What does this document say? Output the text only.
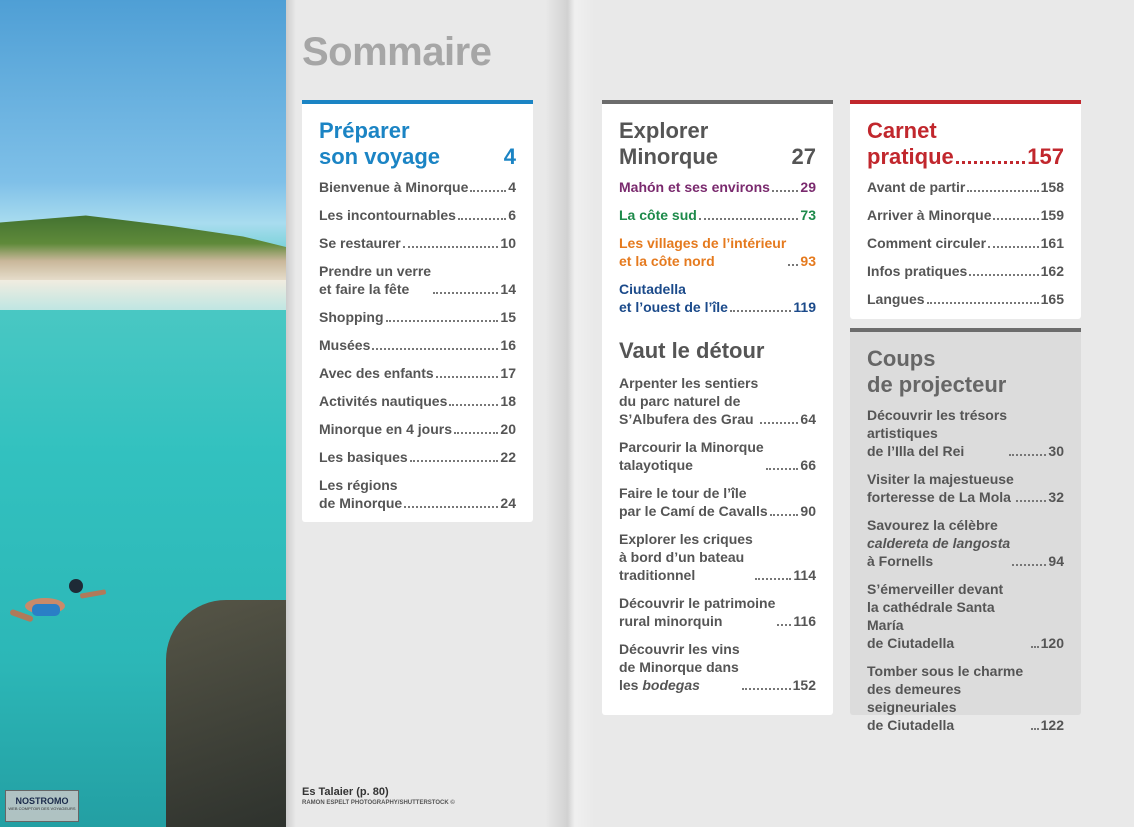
NOSTROMO
WEB COMPTOIR DES VOYAGEURS
Es Talaier (p. 80)
RAMON ESPELT PHOTOGRAPHY/SHUTTERSTOCK ©
Sommaire
Préparer
son voyage	4
Bienvenue à Minorque	4
Les incontournables	6
Se restaurer	10
Prendre un verre
et faire la fête	14
Shopping	15
Musées	16
Avec des enfants	17
Activités nautiques	18
Minorque en 4 jours	20
Les basiques	22
Les régions
de Minorque	24
Explorer
Minorque	27
Mahón et ses environs 29
La côte sud	73
Les villages de l’intérieur
et la côte nord	93
Ciutadella
et l’ouest de l’île	119
Vaut le détour
Arpenter les sentiers
du parc naturel de
S’Albufera des Grau	64
Parcourir la Minorque
talayotique	66
Faire le tour de l’île
par le Camí de Cavalls 90
Explorer les criques
à bord d’un bateau
traditionnel	114
Découvrir le patrimoine
rural minorquin	116
Découvrir les vins
de Minorque dans
les bodegas	152
Carnet
pratique	157
Avant de partir	158
Arriver à Minorque	159
Comment circuler	161
Infos pratiques	162
Langues	165
Coups
de projecteur
Découvrir les trésors
artistiques
de l’Illa del Rei	30
Visiter la majestueuse
forteresse de La Mola	32
Savourez la célèbre
caldereta de langosta
à Fornells	94
S’émerveiller devant
la cathédrale Santa María
de Ciutadella	120
Tomber sous le charme
des demeures seigneuriales
de Ciutadella	122
